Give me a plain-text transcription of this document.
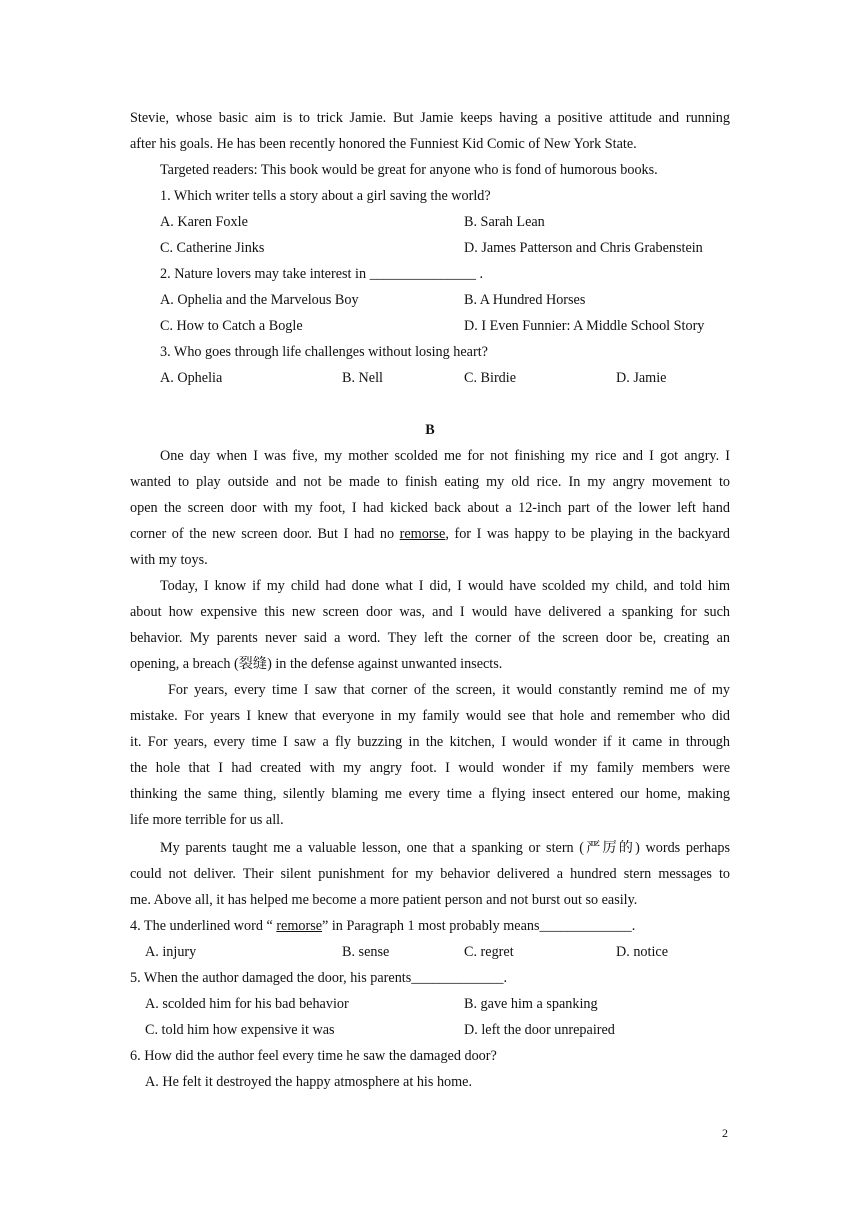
Stevie, whose basic aim is to trick Jamie. But Jamie keeps having a positive attitude and running
after his goals. He has been recently honored the Funniest Kid Comic of New York State.
Targeted readers: This book would be great for anyone who is fond of humorous books.
1. Which writer tells a story about a girl saving the world?
A. Karen Foxle	B. Sarah Lean
C. Catherine Jinks	D. James Patterson and Chris Grabenstein
2. Nature lovers may take interest in _______________ .
A. Ophelia and the Marvelous Boy	B. A Hundred Horses
C. How to Catch a Bogle	D. I Even Funnier: A Middle School Story
3. Who goes through life challenges without losing heart?
A. Ophelia	B. Nell	C. Birdie	D. Jamie
B
One day when I was five, my mother scolded me for not finishing my rice and I got angry. I
wanted to play outside and not be made to finish eating my old rice. In my angry movement to
open the screen door with my foot, I had kicked back about a 12-inch part of the lower left hand
corner of the new screen door. But I had no remorse, for I was happy to be playing in the backyard
with my toys.
Today, I know if my child had done what I did, I would have scolded my child, and told him
about how expensive this new screen door was, and I would have delivered a spanking for such
behavior. My parents never said a word. They left the corner of the screen door be, creating an
opening, a breach (裂缝) in the defense against unwanted insects.
For years, every time I saw that corner of the screen, it would constantly remind me of my
mistake. For years I knew that everyone in my family would see that hole and remember who did
it. For years, every time I saw a fly buzzing in the kitchen, I would wonder if it came in through
the hole that I had created with my angry foot. I would wonder if my family members were
thinking the same thing, silently blaming me every time a flying insect entered our home, making
life more terrible for us all.
My parents taught me a valuable lesson, one that a spanking or stern (严厉的) words perhaps
could not deliver. Their silent punishment for my behavior delivered a hundred stern messages to
me. Above all, it has helped me become a more patient person and not burst out so easily.
4. The underlined word “ remorse” in Paragraph 1 most probably means_____________.
A. injury	B. sense	C. regret	D. notice
5. When the author damaged the door, his parents_____________.
A. scolded him for his bad behavior	B. gave him a spanking
C. told him how expensive it was	D. left the door unrepaired
6. How did the author feel every time he saw the damaged door?
A. He felt it destroyed the happy atmosphere at his home.
2
